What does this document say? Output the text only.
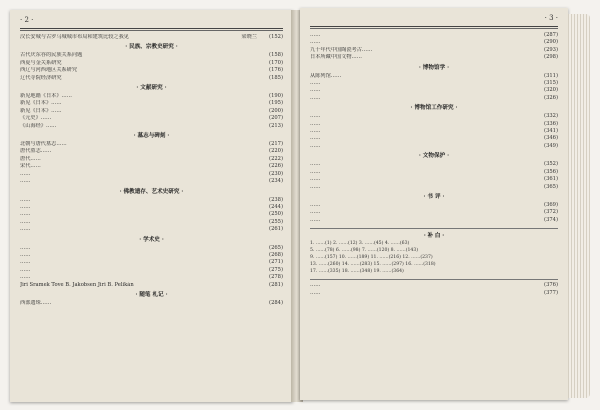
· 2 ·
汉长安城与古罗马城城市布局和建筑比较之我见	梁晓兰	(152)
· 民族、宗教史研究 ·
古代庆东谷的民族关系问题	(158)
西夏与金关系研究	(170)
西辽与河西地区关系研究	(176)
辽代寺院经济研究	(185)
· 文献研究 ·
新见地籍《日本》……	(190)
新见《日本》……	(195)
新见《日本》……	(200)
《元史》……	(207)
《山海经》……	(213)
· 墓志与碑刻 ·
北朝与唐代墓志……	(217)
唐代墓志……	(220)
唐代……	(222)
宋代……	(226)
……	(230)
……	(234)
· 佛教遗存、艺术史研究 ·
……	(238)
……	(244)
……	(250)
……	(255)
……	(261)
· 学术史 ·
……	(265)
……	(268)
……	(271)
……	(275)
……	(278)
Jiri Sramek Tove B. Jakobsen Jiri B. Pelikán	(281)
· 随笔 札记 ·
西部遗珠……	(284)
· 3 ·
……	(287)
……	(290)
九十年代中国陶瓷考古……	(293)
日本所藏中国文物……	(298)
· 博物馆学 ·
从陈列馆……	(311)
……	(315)
……	(320)
……	(326)
· 博物馆工作研究 ·
……	(332)
……	(336)
……	(341)
……	(346)
……	(349)
· 文物保护 ·
……	(352)
……	(356)
……	(361)
……	(365)
· 书 评 ·
……	(369)
……	(372)
……	(374)
· 补 白 ·
1. ……(1) 2. ……(12) 3. ……(45) 4. ……(63)
5. ……(78) 6. ……(98) 7. ……(120) 8. ……(143)
9. ……(157) 10. ……(189) 11. ……(216) 12. ……(237)
13. ……(260) 14. ……(283) 15. ……(297) 16. ……(318)
17. ……(335) 18. ……(348) 19. ……(364)
……	(376)
……	(377)
